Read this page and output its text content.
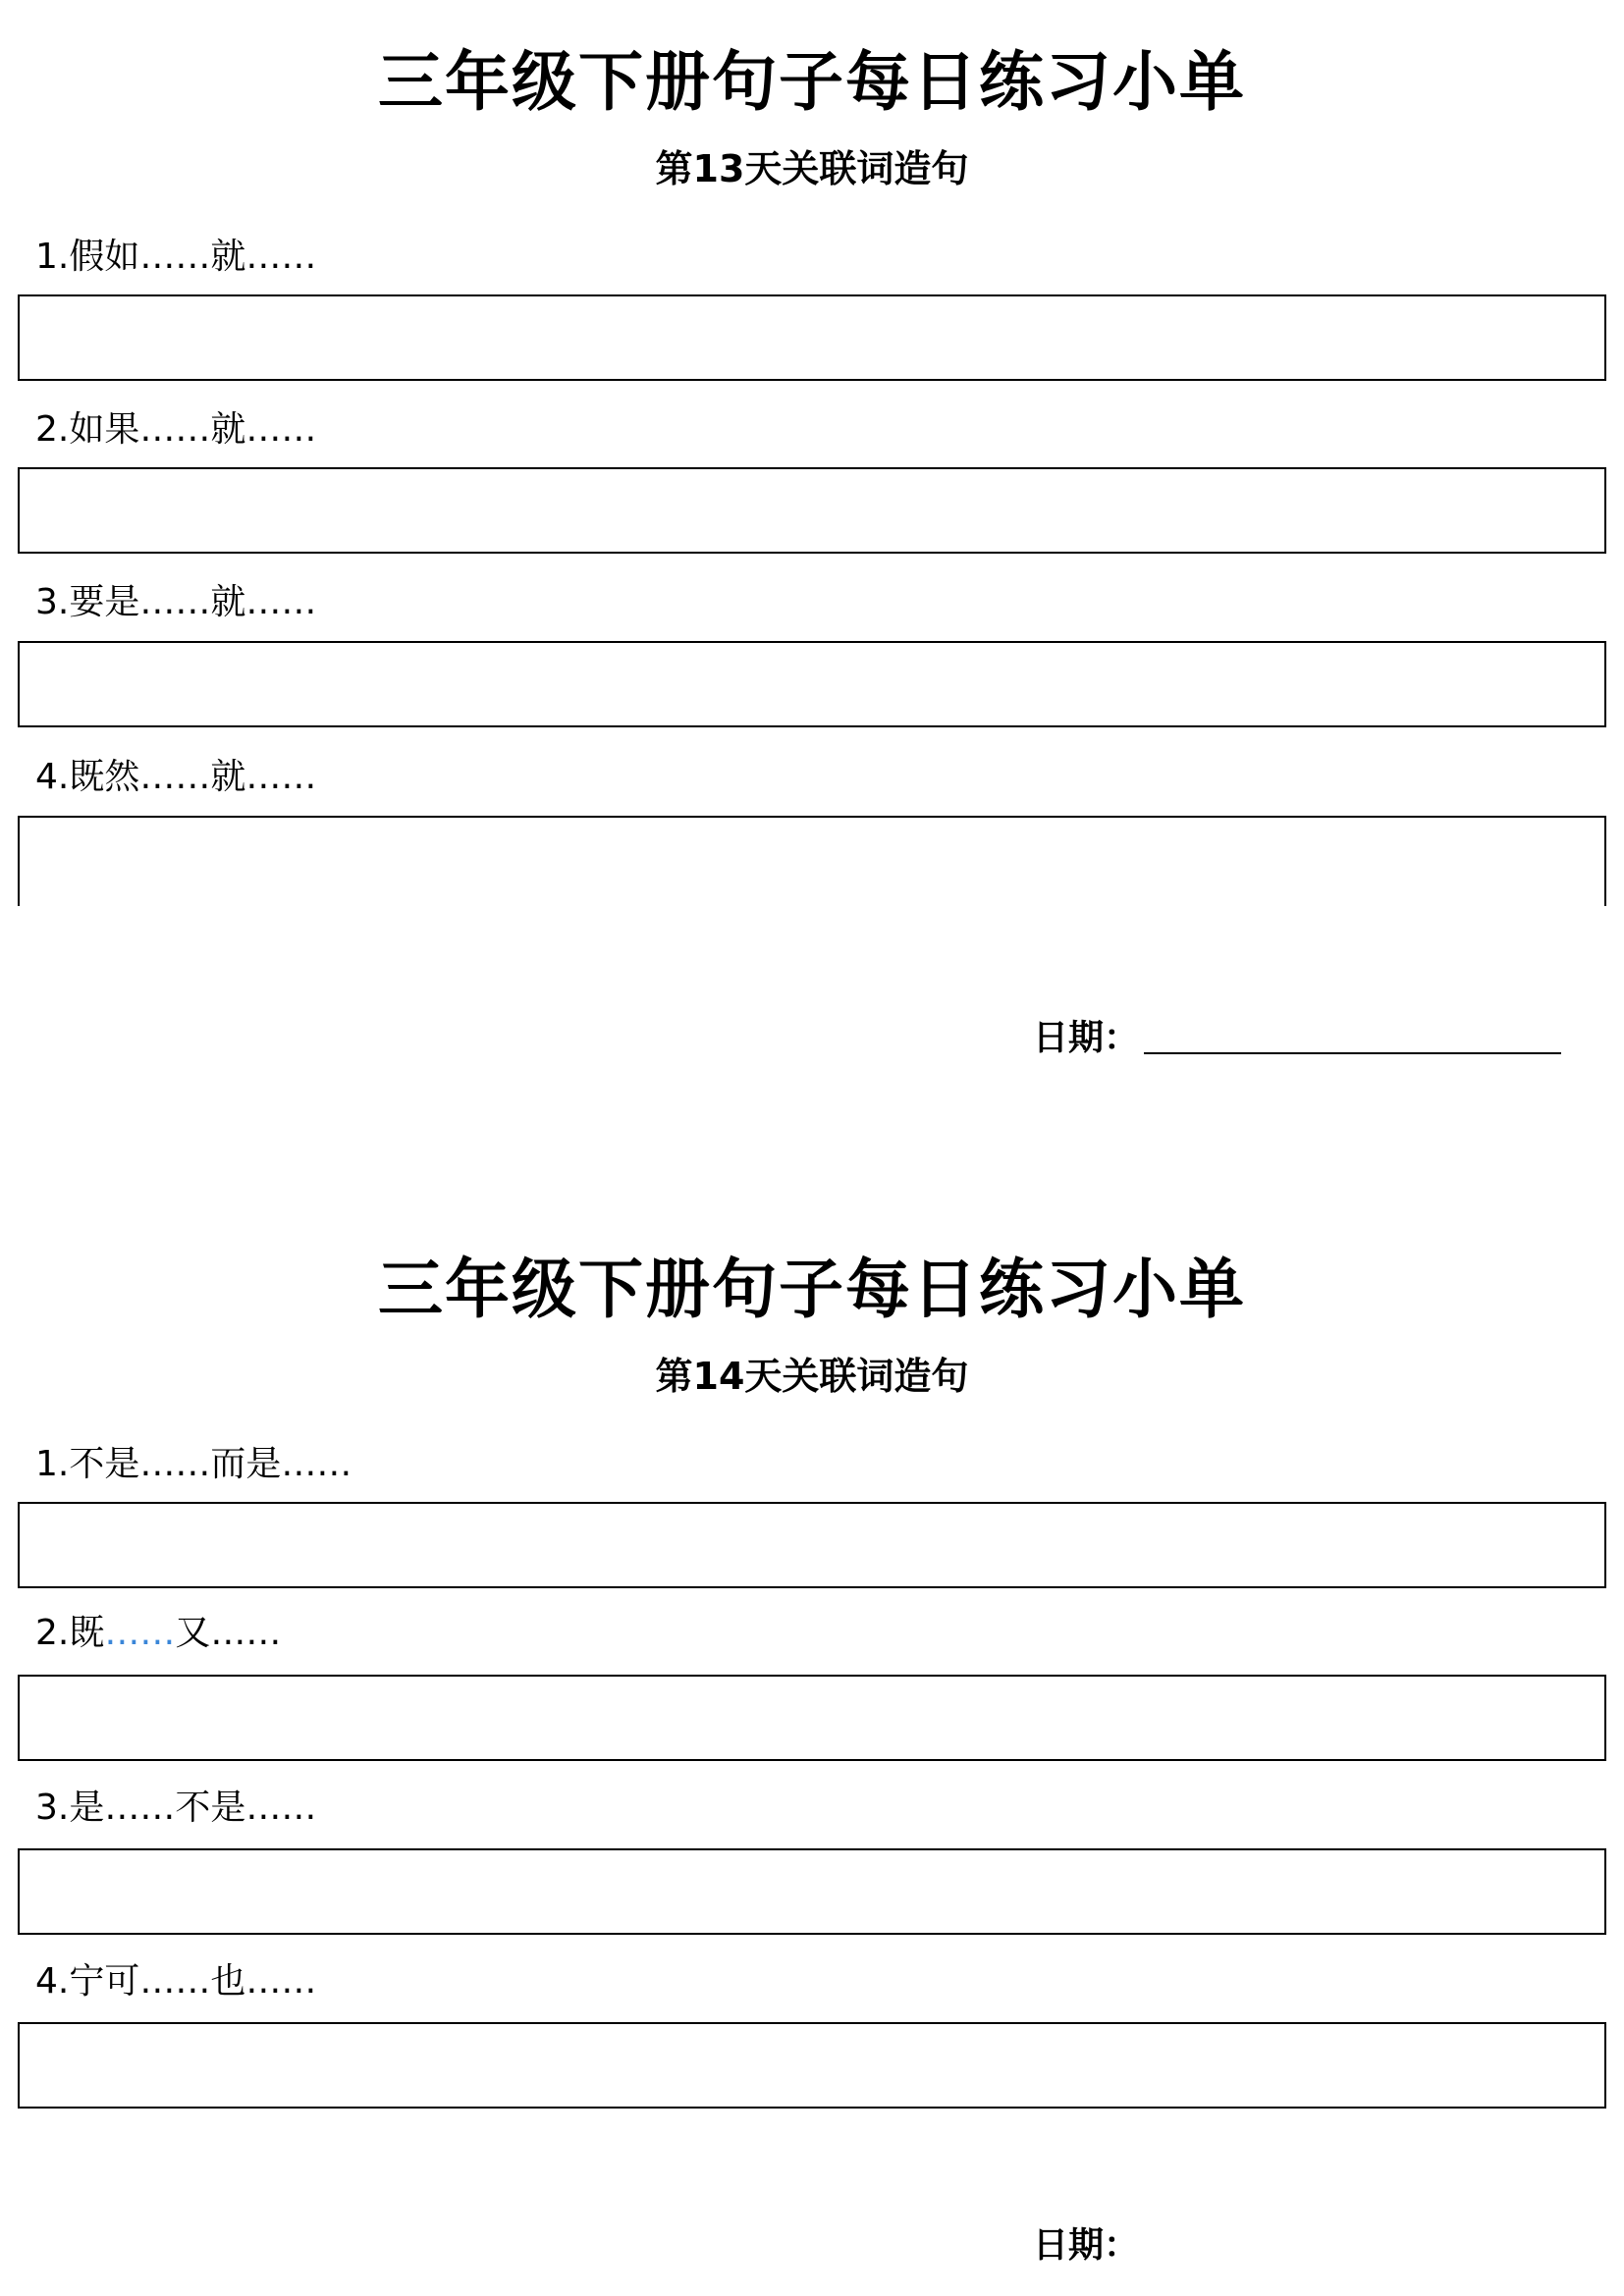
三年级下册句子每日练习小单
第13天关联词造句
1.假如……就……
2.如果……就……
3.要是……就……
4.既然……就……
日期：
三年级下册句子每日练习小单
第14天关联词造句
1.不是……而是……
2.既……又……
3.是……不是……
4.宁可……也……
日期：
